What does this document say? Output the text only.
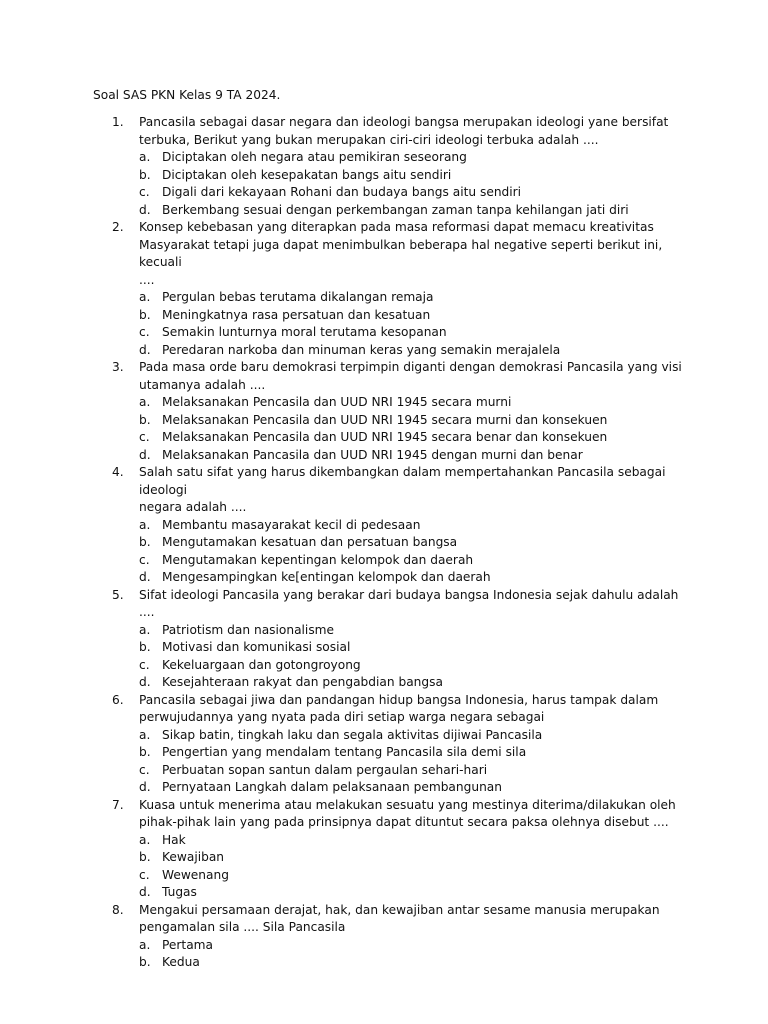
Soal SAS PKN Kelas 9 TA 2024.
1. Pancasila sebagai dasar negara dan ideologi bangsa merupakan ideologi yane bersifat
terbuka, Berikut yang bukan merupakan ciri-ciri ideologi terbuka adalah ....
a. Diciptakan oleh negara atau pemikiran seseorang
b. Diciptakan oleh kesepakatan bangs aitu sendiri
c. Digali dari kekayaan Rohani dan budaya bangs aitu sendiri
d. Berkembang sesuai dengan perkembangan zaman tanpa kehilangan jati diri
2. Konsep kebebasan yang diterapkan pada masa reformasi dapat memacu kreativitas
Masyarakat tetapi juga dapat menimbulkan beberapa hal negative seperti berikut ini, kecuali
....
a. Pergulan bebas terutama dikalangan remaja
b. Meningkatnya rasa persatuan dan kesatuan
c. Semakin lunturnya moral terutama kesopanan
d. Peredaran narkoba dan minuman keras yang semakin merajalela
3. Pada masa orde baru demokrasi terpimpin diganti dengan demokrasi Pancasila yang visi
utamanya adalah ....
a. Melaksanakan Pencasila dan UUD NRI 1945 secara murni
b. Melaksanakan Pencasila dan UUD NRI 1945 secara murni dan konsekuen
c. Melaksanakan Pencasila dan UUD NRI 1945 secara benar dan konsekuen
d. Melaksanakan Pancasila dan UUD NRI 1945 dengan murni dan benar
4. Salah satu sifat yang harus dikembangkan dalam mempertahankan Pancasila sebagai ideologi
negara adalah ....
a. Membantu masayarakat kecil di pedesaan
b. Mengutamakan kesatuan dan persatuan bangsa
c. Mengutamakan kepentingan kelompok dan daerah
d. Mengesampingkan ke[entingan kelompok dan daerah
5. Sifat ideologi Pancasila yang berakar dari budaya bangsa Indonesia sejak dahulu adalah ....
a. Patriotism dan nasionalisme
b. Motivasi dan komunikasi sosial
c. Kekeluargaan dan gotongroyong
d. Kesejahteraan rakyat dan pengabdian bangsa
6. Pancasila sebagai jiwa dan pandangan hidup bangsa Indonesia, harus tampak dalam
perwujudannya yang nyata pada diri setiap warga negara sebagai
a. Sikap batin, tingkah laku dan segala aktivitas dijiwai Pancasila
b. Pengertian yang mendalam tentang Pancasila sila demi sila
c. Perbuatan sopan santun dalam pergaulan sehari-hari
d. Pernyataan Langkah dalam pelaksanaan pembangunan
7. Kuasa untuk menerima atau melakukan sesuatu yang mestinya diterima/dilakukan oleh
pihak-pihak lain yang pada prinsipnya dapat dituntut secara paksa olehnya disebut ....
a. Hak
b. Kewajiban
c. Wewenang
d. Tugas
8. Mengakui persamaan derajat, hak, dan kewajiban antar sesame manusia merupakan
pengamalan sila .... Sila Pancasila
a. Pertama
b. Kedua
